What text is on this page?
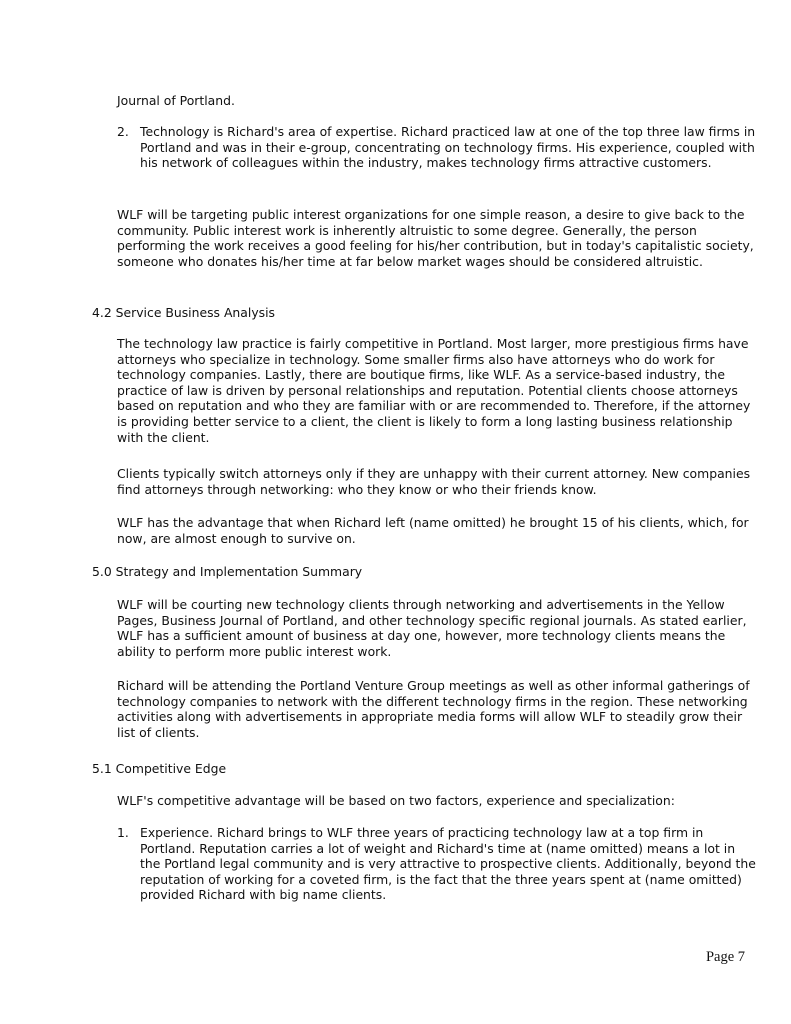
Journal of Portland.

2. Technology is Richard's area of expertise. Richard practiced law at one of the top three law firms in Portland and was in their e-group, concentrating on technology firms. His experience, coupled with his network of colleagues within the industry, makes technology firms attractive customers.

WLF will be targeting public interest organizations for one simple reason, a desire to give back to the community. Public interest work is inherently altruistic to some degree. Generally, the person performing the work receives a good feeling for his/her contribution, but in today's capitalistic society, someone who donates his/her time at far below market wages should be considered altruistic.

4.2 Service Business Analysis

The technology law practice is fairly competitive in Portland. Most larger, more prestigious firms have attorneys who specialize in technology. Some smaller firms also have attorneys who do work for technology companies. Lastly, there are boutique firms, like WLF. As a service-based industry, the practice of law is driven by personal relationships and reputation. Potential clients choose attorneys based on reputation and who they are familiar with or are recommended to. Therefore, if the attorney is providing better service to a client, the client is likely to form a long lasting business relationship with the client.

Clients typically switch attorneys only if they are unhappy with their current attorney. New companies find attorneys through networking: who they know or who their friends know.

WLF has the advantage that when Richard left (name omitted) he brought 15 of his clients, which, for now, are almost enough to survive on.

5.0 Strategy and Implementation Summary

WLF will be courting new technology clients through networking and advertisements in the Yellow Pages, Business Journal of Portland, and other technology specific regional journals. As stated earlier, WLF has a sufficient amount of business at day one, however, more technology clients means the ability to perform more public interest work.

Richard will be attending the Portland Venture Group meetings as well as other informal gatherings of technology companies to network with the different technology firms in the region. These networking activities along with advertisements in appropriate media forms will allow WLF to steadily grow their list of clients.

5.1 Competitive Edge

WLF's competitive advantage will be based on two factors, experience and specialization:

1. Experience. Richard brings to WLF three years of practicing technology law at a top firm in Portland. Reputation carries a lot of weight and Richard's time at (name omitted) means a lot in the Portland legal community and is very attractive to prospective clients. Additionally, beyond the reputation of working for a coveted firm, is the fact that the three years spent at (name omitted) provided Richard with big name clients.

Page 7
